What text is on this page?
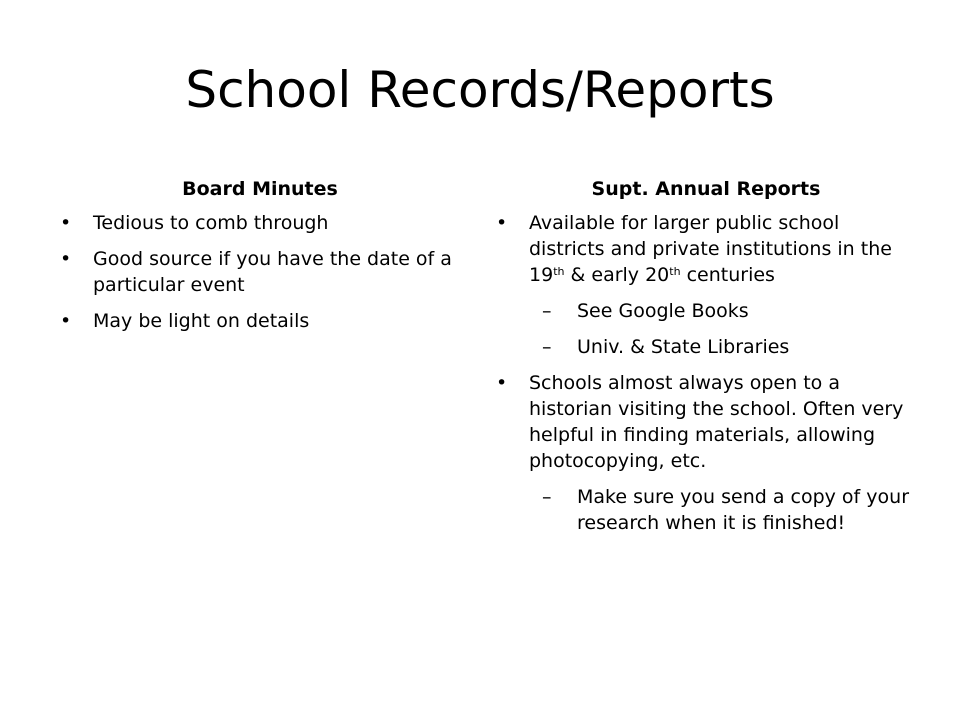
School Records/Reports
Board Minutes
• Tedious to comb through
• Good source if you have the date of a particular event
• May be light on details
Supt. Annual Reports
• Available for larger public school districts and private institutions in the 19th & early 20th centuries
– See Google Books
– Univ. & State Libraries
• Schools almost always open to a historian visiting the school. Often very helpful in finding materials, allowing photocopying, etc.
– Make sure you send a copy of your research when it is finished!
